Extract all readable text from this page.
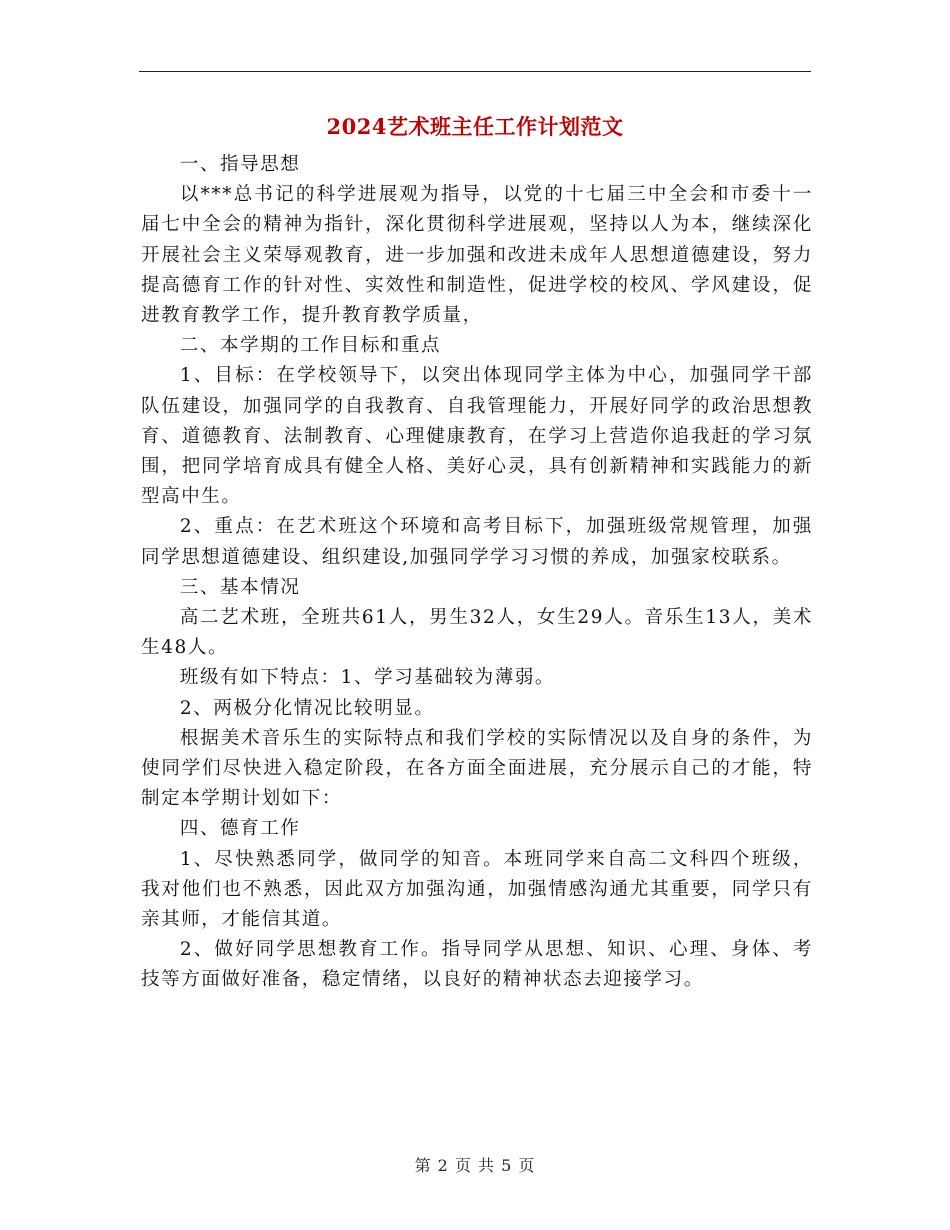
2024艺术班主任工作计划范文

一、指导思想

以***总书记的科学进展观为指导，以党的十七届三中全会和市委十一届七中全会的精神为指针，深化贯彻科学进展观，坚持以人为本，继续深化开展社会主义荣辱观教育，进一步加强和改进未成年人思想道德建设，努力提高德育工作的针对性、实效性和制造性，促进学校的校风、学风建设，促进教育教学工作，提升教育教学质量，

二、本学期的工作目标和重点

1、目标：在学校领导下，以突出体现同学主体为中心，加强同学干部队伍建设，加强同学的自我教育、自我管理能力，开展好同学的政治思想教育、道德教育、法制教育、心理健康教育，在学习上营造你追我赶的学习氛围，把同学培育成具有健全人格、美好心灵，具有创新精神和实践能力的新型高中生。

2、重点：在艺术班这个环境和高考目标下，加强班级常规管理，加强同学思想道德建设、组织建设,加强同学学习习惯的养成，加强家校联系。

三、基本情况

高二艺术班，全班共61人，男生32人，女生29人。音乐生13人，美术生48人。

班级有如下特点：1、学习基础较为薄弱。

2、两极分化情况比较明显。

根据美术音乐生的实际特点和我们学校的实际情况以及自身的条件，为使同学们尽快进入稳定阶段，在各方面全面进展，充分展示自己的才能，特制定本学期计划如下：

四、德育工作

1、尽快熟悉同学，做同学的知音。本班同学来自高二文科四个班级，我对他们也不熟悉，因此双方加强沟通，加强情感沟通尤其重要，同学只有亲其师，才能信其道。

2、做好同学思想教育工作。指导同学从思想、知识、心理、身体、考技等方面做好准备，稳定情绪，以良好的精神状态去迎接学习。

第 2 页 共 5 页
